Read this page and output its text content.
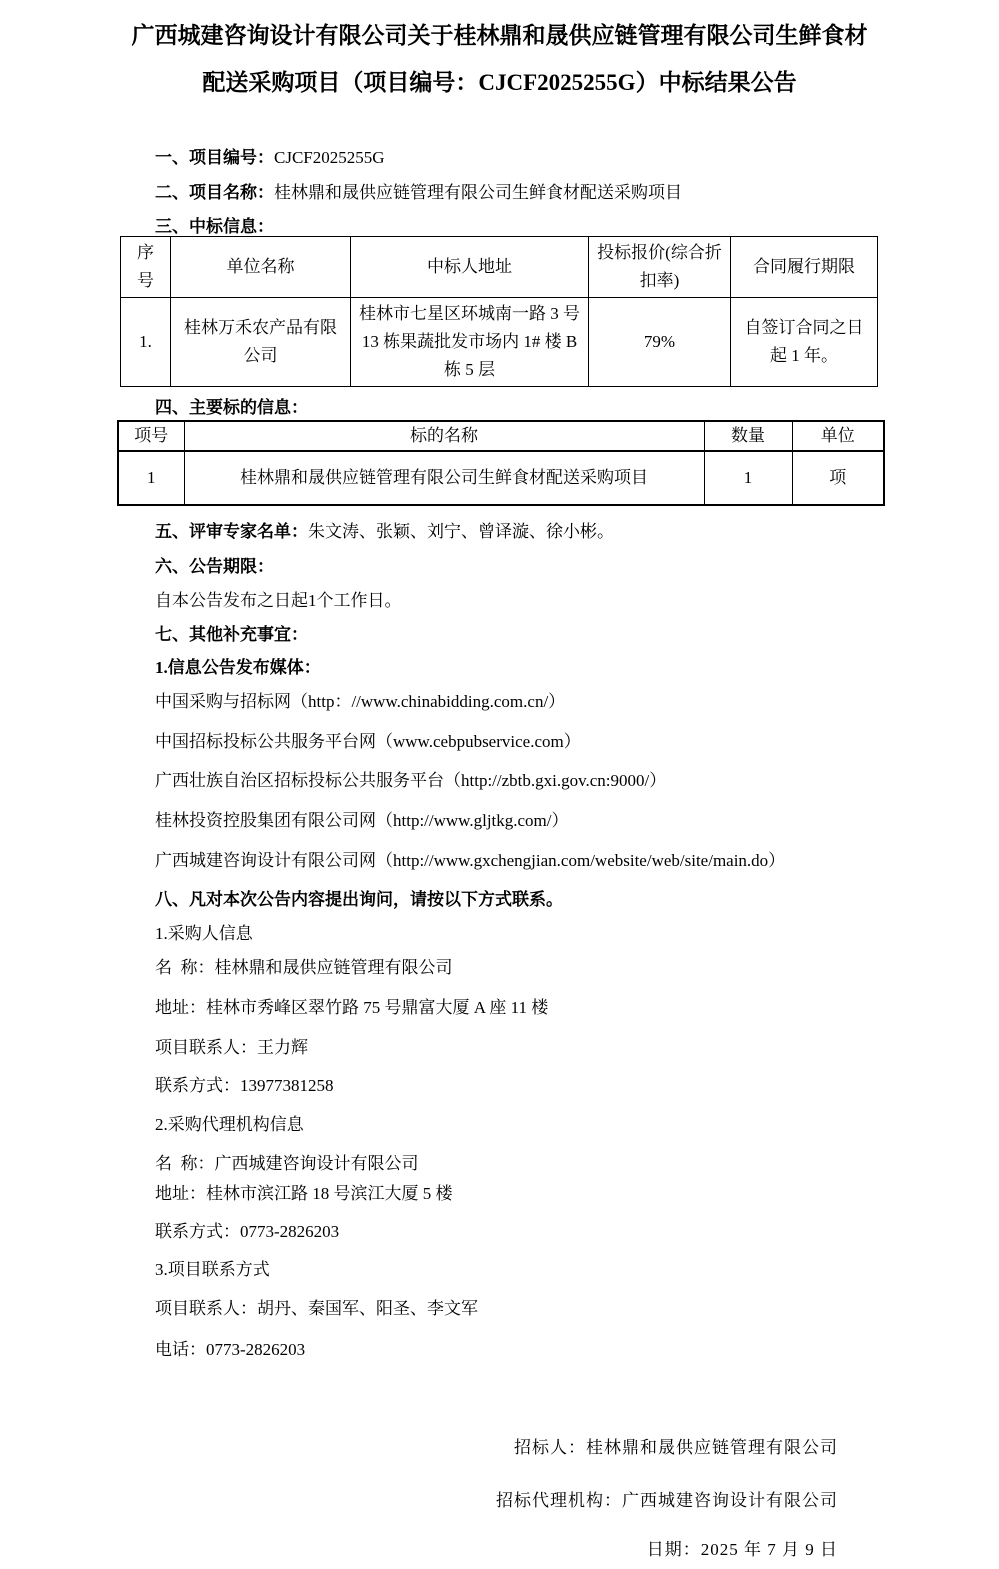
广西城建咨询设计有限公司关于桂林鼎和晟供应链管理有限公司生鲜食材
配送采购项目（项目编号：CJCF2025255G）中标结果公告
一、项目编号：CJCF2025255G
二、项目名称：桂林鼎和晟供应链管理有限公司生鲜食材配送采购项目
三、中标信息：
序号	单位名称	中标人地址	投标报价(综合折扣率)	合同履行期限
1.	桂林万禾农产品有限公司	桂林市七星区环城南一路 3 号 13 栋果蔬批发市场内 1# 楼 B 栋 5 层	79%	自签订合同之日起 1 年。
四、主要标的信息：
项号	标的名称	数量	单位
1	桂林鼎和晟供应链管理有限公司生鲜食材配送采购项目	1	项
五、评审专家名单：朱文涛、张颖、刘宁、曾译漩、徐小彬。
六、公告期限：
自本公告发布之日起1个工作日。
七、其他补充事宜：
1.信息公告发布媒体：
中国采购与招标网（http：//www.chinabidding.com.cn/）
中国招标投标公共服务平台网（www.cebpubservice.com）
广西壮族自治区招标投标公共服务平台（http://zbtb.gxi.gov.cn:9000/）
桂林投资控股集团有限公司网（http://www.gljtkg.com/）
广西城建咨询设计有限公司网（http://www.gxchengjian.com/website/web/site/main.do）
八、凡对本次公告内容提出询问，请按以下方式联系。
1.采购人信息
名  称：桂林鼎和晟供应链管理有限公司
地址：桂林市秀峰区翠竹路 75 号鼎富大厦 A 座 11 楼
项目联系人：王力辉
联系方式：13977381258
2.采购代理机构信息
名  称：广西城建咨询设计有限公司
地址：桂林市滨江路 18 号滨江大厦 5 楼
联系方式：0773-2826203
3.项目联系方式
项目联系人：胡丹、秦国军、阳圣、李文军
电话：0773-2826203
招标人：桂林鼎和晟供应链管理有限公司
招标代理机构：广西城建咨询设计有限公司
日期：2025 年 7 月 9 日
